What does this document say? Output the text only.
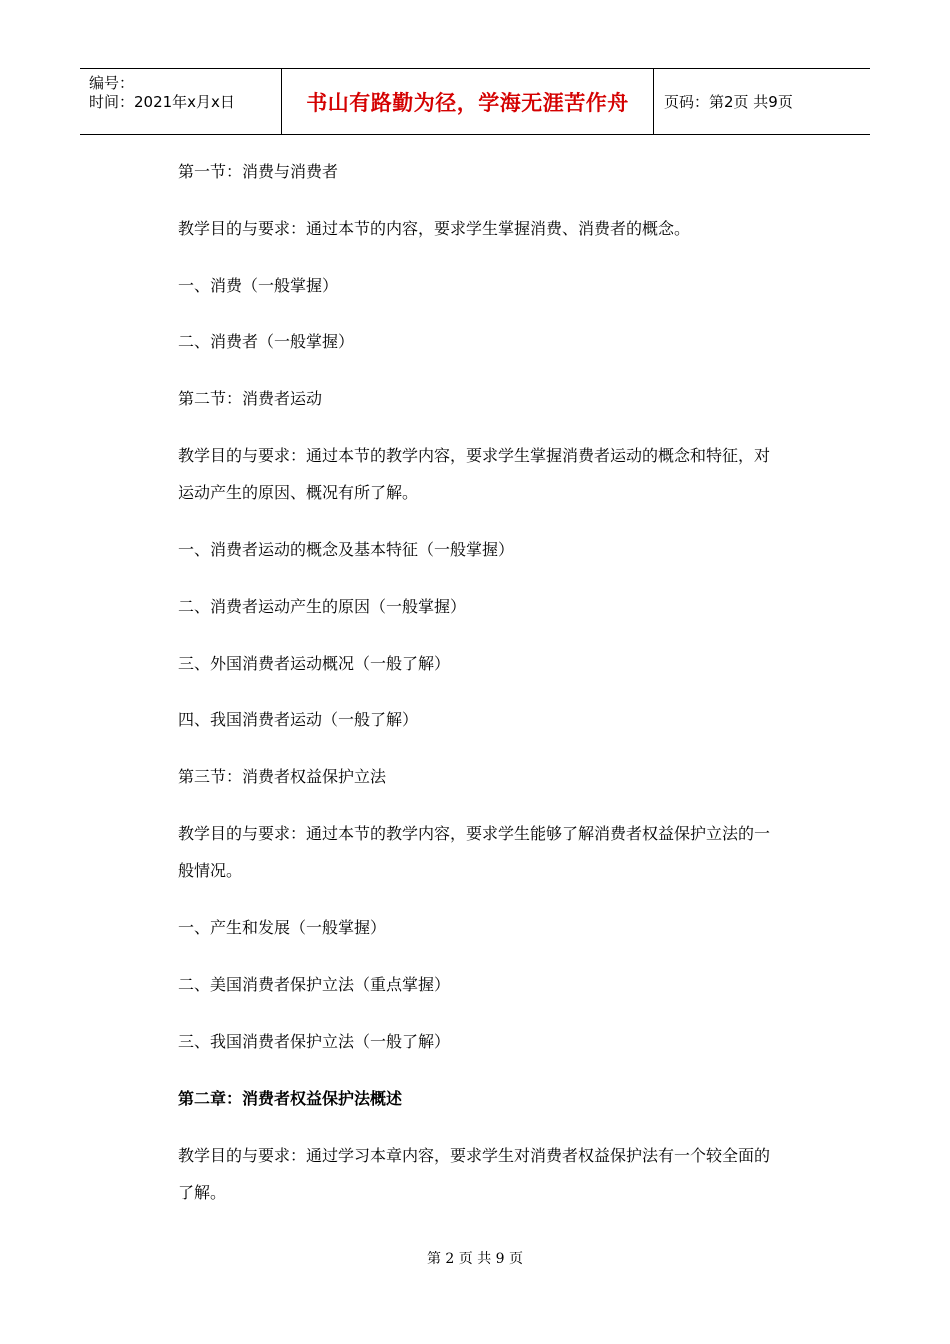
编号：
时间：2021年x月x日	书山有路勤为径，学海无涯苦作舟 页码：第2页 共9页
第一节：消费与消费者
教学目的与要求：通过本节的内容，要求学生掌握消费、消费者的概念。
一、消费（一般掌握）
二、消费者（一般掌握）
第二节：消费者运动
教学目的与要求：通过本节的教学内容，要求学生掌握消费者运动的概念和特征，对
运动产生的原因、概况有所了解。
一、消费者运动的概念及基本特征（一般掌握）
二、消费者运动产生的原因（一般掌握）
三、外国消费者运动概况（一般了解）
四、我国消费者运动（一般了解）
第三节：消费者权益保护立法
教学目的与要求：通过本节的教学内容，要求学生能够了解消费者权益保护立法的一
般情况。
一、产生和发展（一般掌握）
二、美国消费者保护立法（重点掌握）
三、我国消费者保护立法（一般了解）
第二章：消费者权益保护法概述
教学目的与要求：通过学习本章内容，要求学生对消费者权益保护法有一个较全面的
了解。
第 2 页 共 9 页
